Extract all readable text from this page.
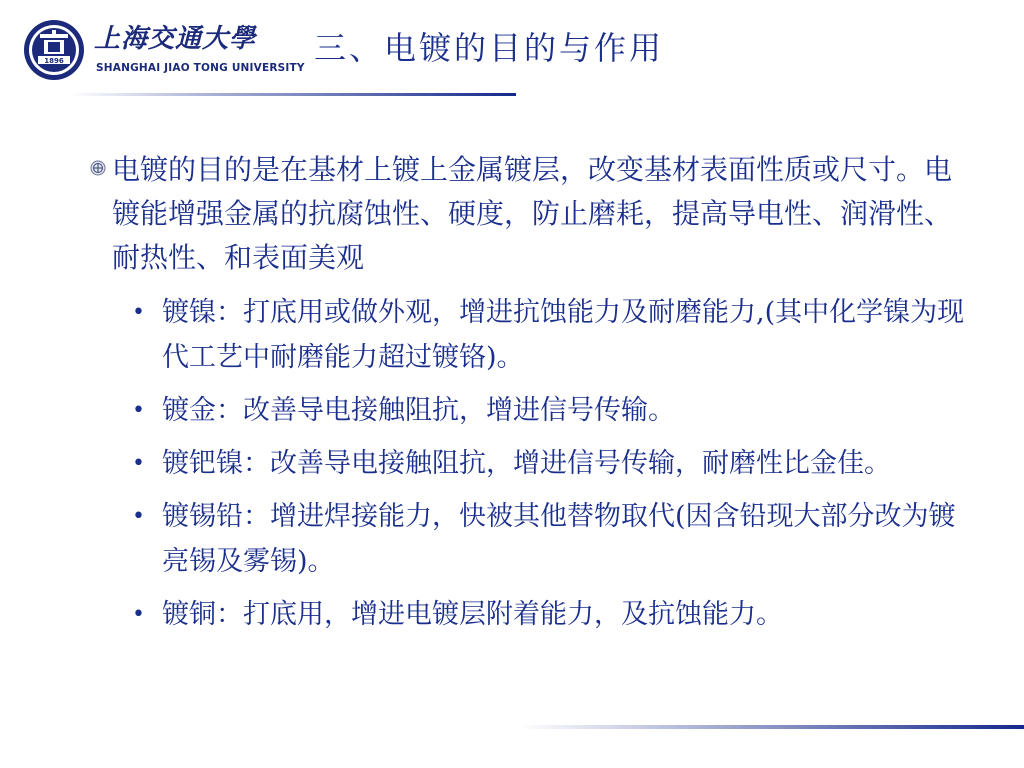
1896
上海交通大學
SHANGHAI JIAO TONG UNIVERSITY
三、电镀的目的与作用
电镀的目的是在基材上镀上金属镀层，改变基材表面性质或尺寸。电镀能增强金属的抗腐蚀性、硬度，防止磨耗，提高导电性、润滑性、耐热性、和表面美观
• 镀镍：打底用或做外观，增进抗蚀能力及耐磨能力,(其中化学镍为现代工艺中耐磨能力超过镀铬)。
• 镀金：改善导电接触阻抗，增进信号传输。
• 镀钯镍：改善导电接触阻抗，增进信号传输，耐磨性比金佳。
• 镀锡铅：增进焊接能力，快被其他替物取代(因含铅现大部分改为镀亮锡及雾锡)。
• 镀铜：打底用，增进电镀层附着能力，及抗蚀能力。
